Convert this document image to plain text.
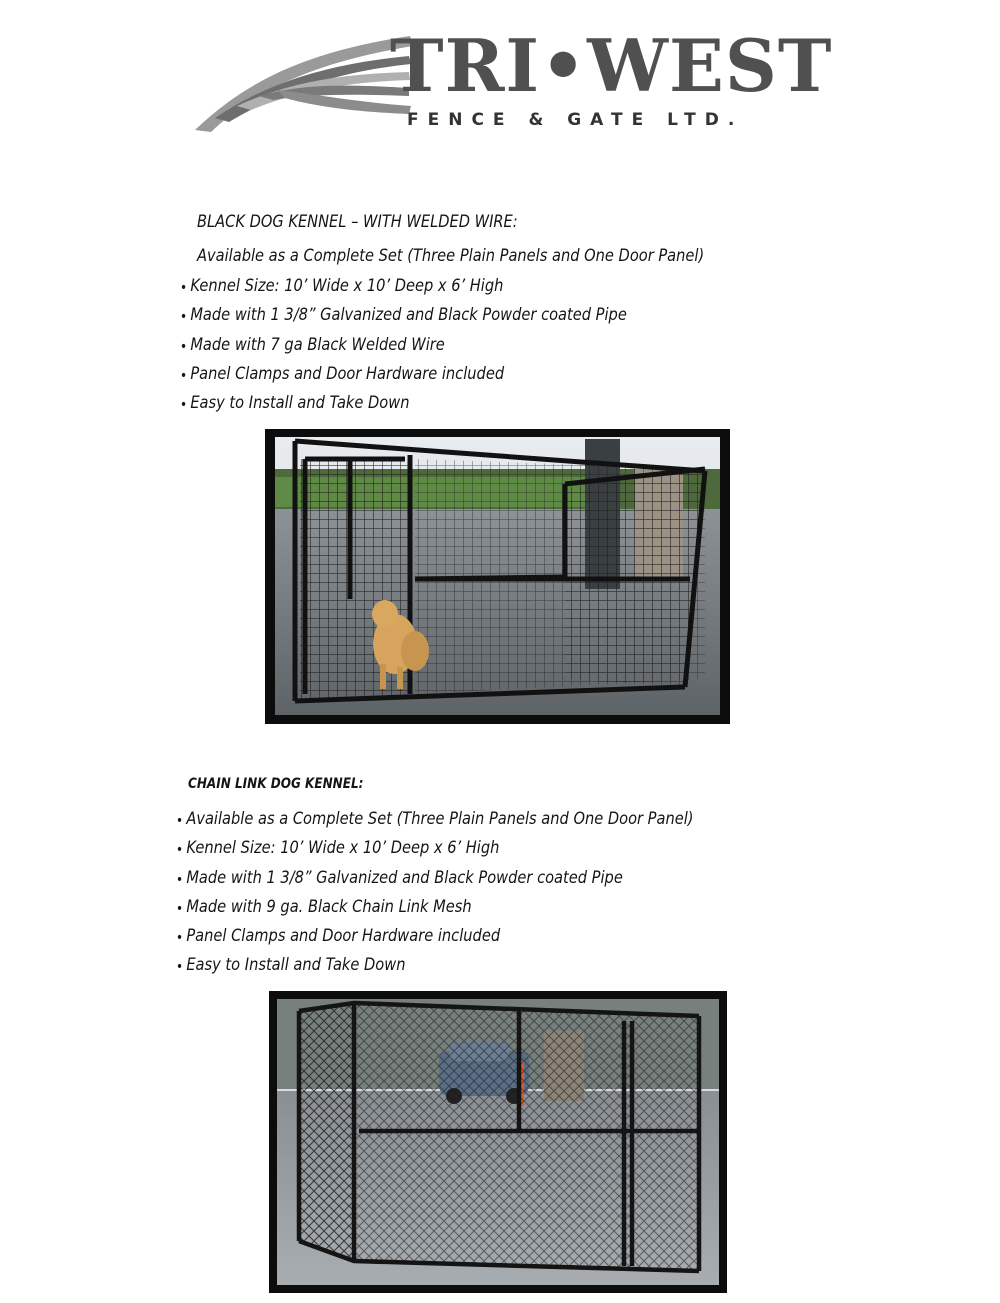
TRI•WEST
FENCE & GATE LTD.
BLACK DOG KENNEL – WITH WELDED WIRE:
Available as a Complete Set (Three Plain Panels and One Door Panel)
• Kennel Size: 10’ Wide x 10’ Deep x 6’ High
• Made with 1 3/8” Galvanized and Black Powder coated Pipe
• Made with 7 ga Black Welded Wire
• Panel Clamps and Door Hardware included
• Easy to Install and Take Down
CHAIN LINK DOG KENNEL:
• Available as a Complete Set (Three Plain Panels and One Door Panel)
• Kennel Size: 10’ Wide x 10’ Deep x 6’ High
• Made with 1 3/8” Galvanized and Black Powder coated Pipe
• Made with 9 ga. Black Chain Link Mesh
• Panel Clamps and Door Hardware included
• Easy to Install and Take Down
